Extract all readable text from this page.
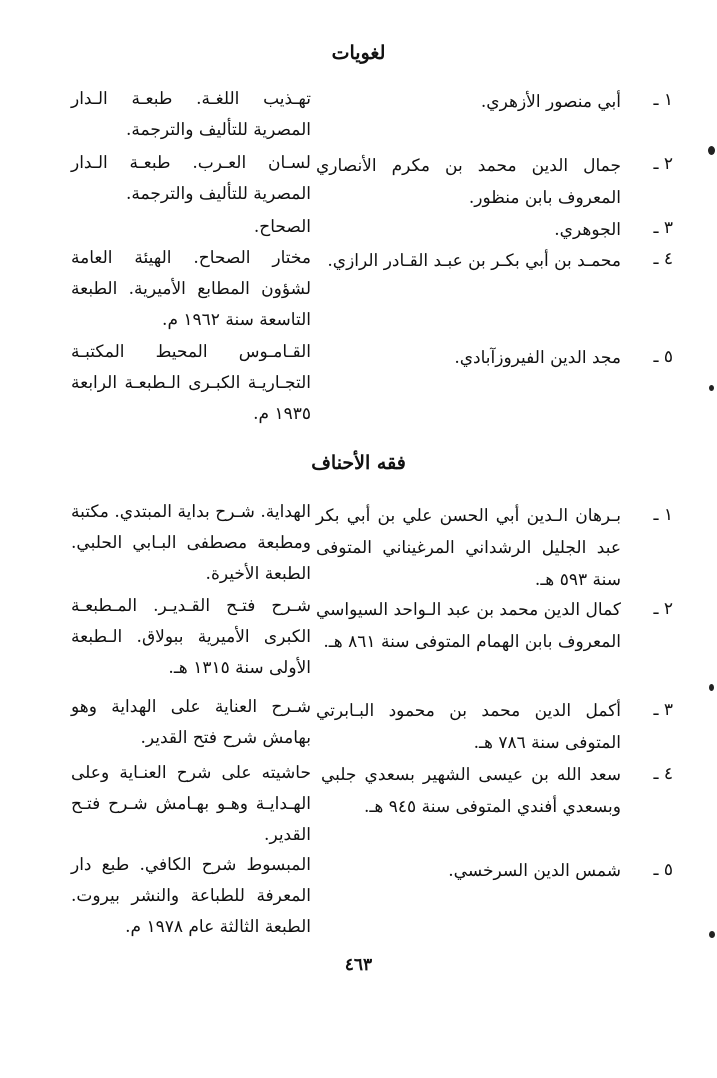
لغويات
١ ـ
أبي منصور الأزهري.
تهـذيب اللغـة. طبعـة الـدار المصرية للتأليف والترجمة.
٢ ـ
جمال الدين محمد بن مكرم الأنصاري المعروف بابن منظور.
لسـان العـرب. طبعـة الـدار المصرية للتأليف والترجمة.
٣ ـ
الجوهري.
الصحاح.
٤ ـ
محمـد بن أبي بكـر بن عبـد القـادر الرازي.
مختار الصحاح. الهيئة العامة لشؤون المطابع الأميرية. الطبعة التاسعة سنة ١٩٦٢ م.
٥ ـ
مجد الدين الفيروزآبادي.
القـامـوس المحيط المكتبـة التجـاريـة الكبـرى الـطبعـة الرابعة ١٩٣٥ م.
فقه الأحناف
١ ـ
بـرهان الـدين أبي الحسن علي بن أبي بكر عبد الجليل الرشداني المرغيناني المتوفى سنة ٥٩٣ هـ.
الهداية. شـرح بداية المبتدي. مكتبة ومطبعة مصطفى البـابي الحلبي. الطبعة الأخيرة.
٢ ـ
كمال الدين محمد بن عبد الـواحد السيواسي المعروف بابن الهمام المتوفى سنة ٨٦١ هـ.
شـرح فتـح القـديـر. المـطبعـة الكبرى الأميرية ببولاق. الـطبعة الأولى سنة ١٣١٥ هـ.
٣ ـ
أكمل الدين محمد بن محمود البـابرتي المتوفى سنة ٧٨٦ هـ.
شـرح العناية على الهداية وهو بهامش شرح فتح القدير.
٤ ـ
سعد الله بن عيسى الشهير بسعدي جلبي وبسعدي أفندي المتوفى سنة ٩٤٥ هـ.
حاشيته على شرح العنـاية وعلى الهـدايـة وهـو بهـامش شـرح فتـح القدير.
٥ ـ
شمس الدين السرخسي.
المبسوط شرح الكافي. طبع دار المعرفة للطباعة والنشر بيروت. الطبعة الثالثة عام ١٩٧٨ م.
٤٦٣
